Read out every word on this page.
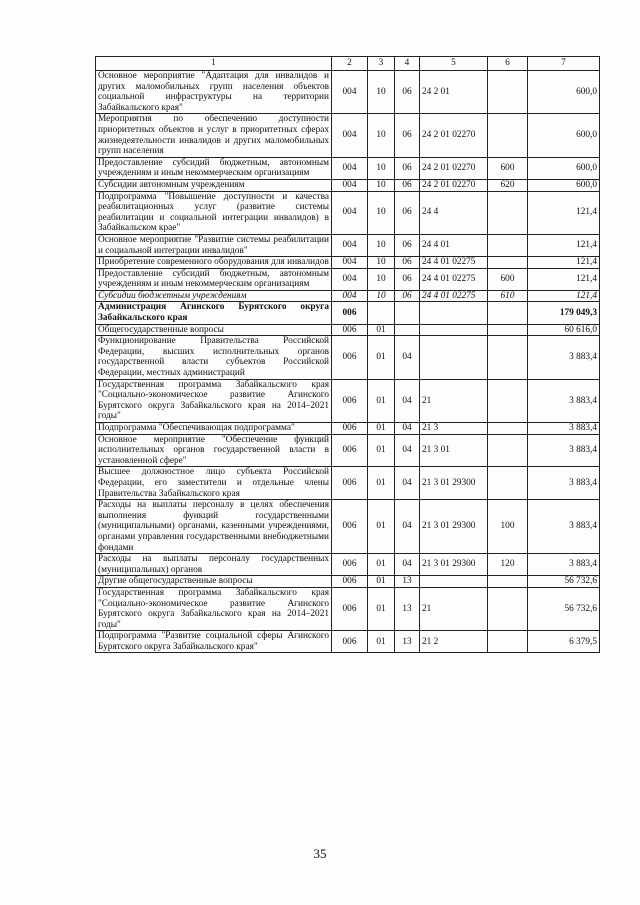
1	2	3	4	5	6	7
Основное мероприятие "Адаптация для инвалидов и других маломобильных групп населения объектов социальной инфраструктуры на территории Забайкальского края"	004	10	06	24 2 01		600,0
Мероприятия по обеспечению доступности приоритетных объектов и услуг в приоритетных сферах жизнедеятельности инвалидов и других маломобильных групп населения	004	10	06	24 2 01 02270		600,0
Предоставление субсидий бюджетным, автономным учреждениям и иным некоммерческим организациям	004	10	06	24 2 01 02270	600	600,0
Субсидии автономным учреждениям	004	10	06	24 2 01 02270	620	600,0
Подпрограмма "Повышение доступности и качества реабилитационных услуг (развитие системы реабилитации и социальной интеграции инвалидов) в Забайкальском крае"	004	10	06	24 4		121,4
Основное мероприятие "Развитие системы реабилитации и социальной интеграции инвалидов"	004	10	06	24 4 01		121,4
Приобретение современного оборудования для инвалидов	004	10	06	24 4 01 02275		121,4
Предоставление субсидий бюджетным, автономным учреждениям и иным некоммерческим организациям	004	10	06	24 4 01 02275	600	121,4
Субсидии бюджетным учреждениям	004	10	06	24 4 01 02275	610	121,4
Администрация Агинского Бурятского округа Забайкальского края	006					179 049,3
Общегосударственные вопросы	006	01				60 616,0
Функционирование Правительства Российской Федерации, высших исполнительных органов государственной власти субъектов Российской Федерации, местных администраций	006	01	04			3 883,4
Государственная программа Забайкальского края "Социально-экономическое развитие Агинского Бурятского округа Забайкальского края на 2014–2021 годы"	006	01	04	21		3 883,4
Подпрограмма "Обеспечивающая подпрограмма"	006	01	04	21 3		3 883,4
Основное мероприятие "Обеспечение функций исполнительных органов государственной власти в установленной сфере"	006	01	04	21 3 01		3 883,4
Высшее должностное лицо субъекта Российской Федерации, его заместители и отдельные члены Правительства Забайкальского края	006	01	04	21 3 01 29300		3 883,4
Расходы на выплаты персоналу в целях обеспечения выполнения функций государственными (муниципальными) органами, казенными учреждениями, органами управления государственными внебюджетными фондами	006	01	04	21 3 01 29300	100	3 883,4
Расходы на выплаты персоналу государственных (муниципальных) органов	006	01	04	21 3 01 29300	120	3 883,4
Другие общегосударственные вопросы	006	01	13			56 732,6
Государственная программа Забайкальского края "Социально-экономическое развитие Агинского Бурятского округа Забайкальского края на 2014–2021 годы"	006	01	13	21		56 732,6
Подпрограмма "Развитие социальной сферы Агинского Бурятского округа Забайкальского края"	006	01	13	21 2		6 379,5
35
